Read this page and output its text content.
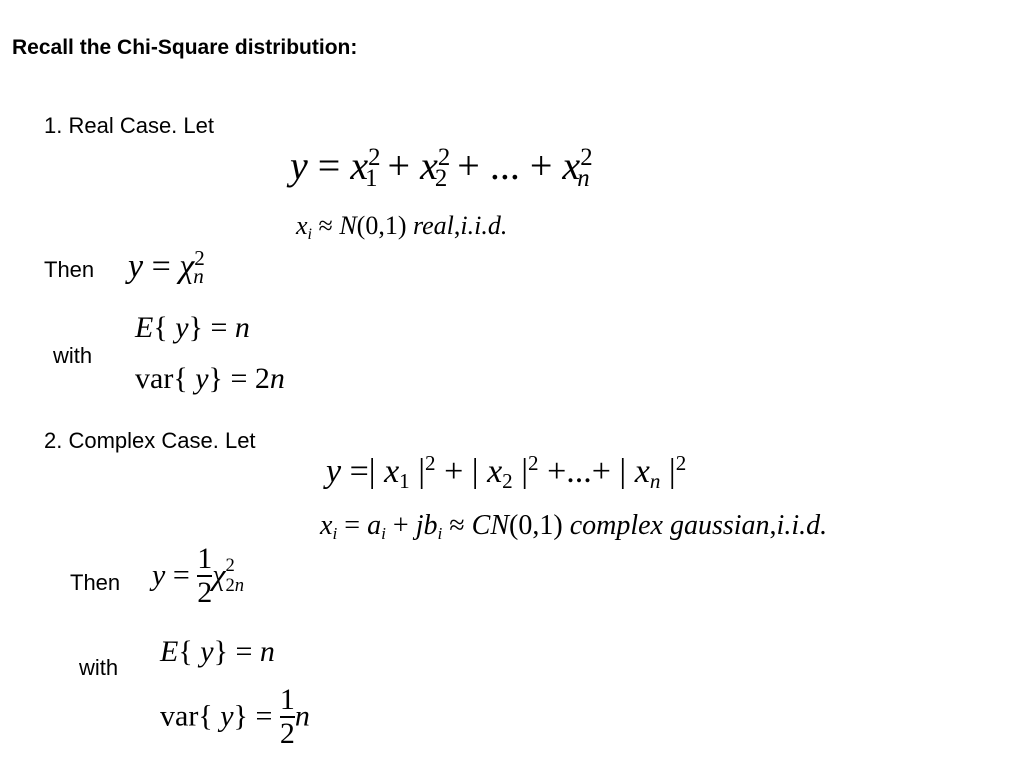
Recall the Chi-Square distribution:
1. Real Case. Let
$y = x^2_1 + x^2_2$ + ... + $x^2_n$
$x_i \approx N(0,1)$ real,i.i.d.
Then $y = \chi^2_n$
E{ y} = n
with
var{ y} = 2n
2. Complex Case. Let
y =| $x_1$ $|^2$ + | $x_2$ $|^2$ +...+ | $x_n$ $|^2$
$x_i = a_i + jb_i \approx CN(0,1)$ complex gaussian,i.i.d.
Then $y = \frac{1}{2}$ χ 2
2n
E{ y} = n
with
var{ $y\} = \frac{1}{2}$ n
